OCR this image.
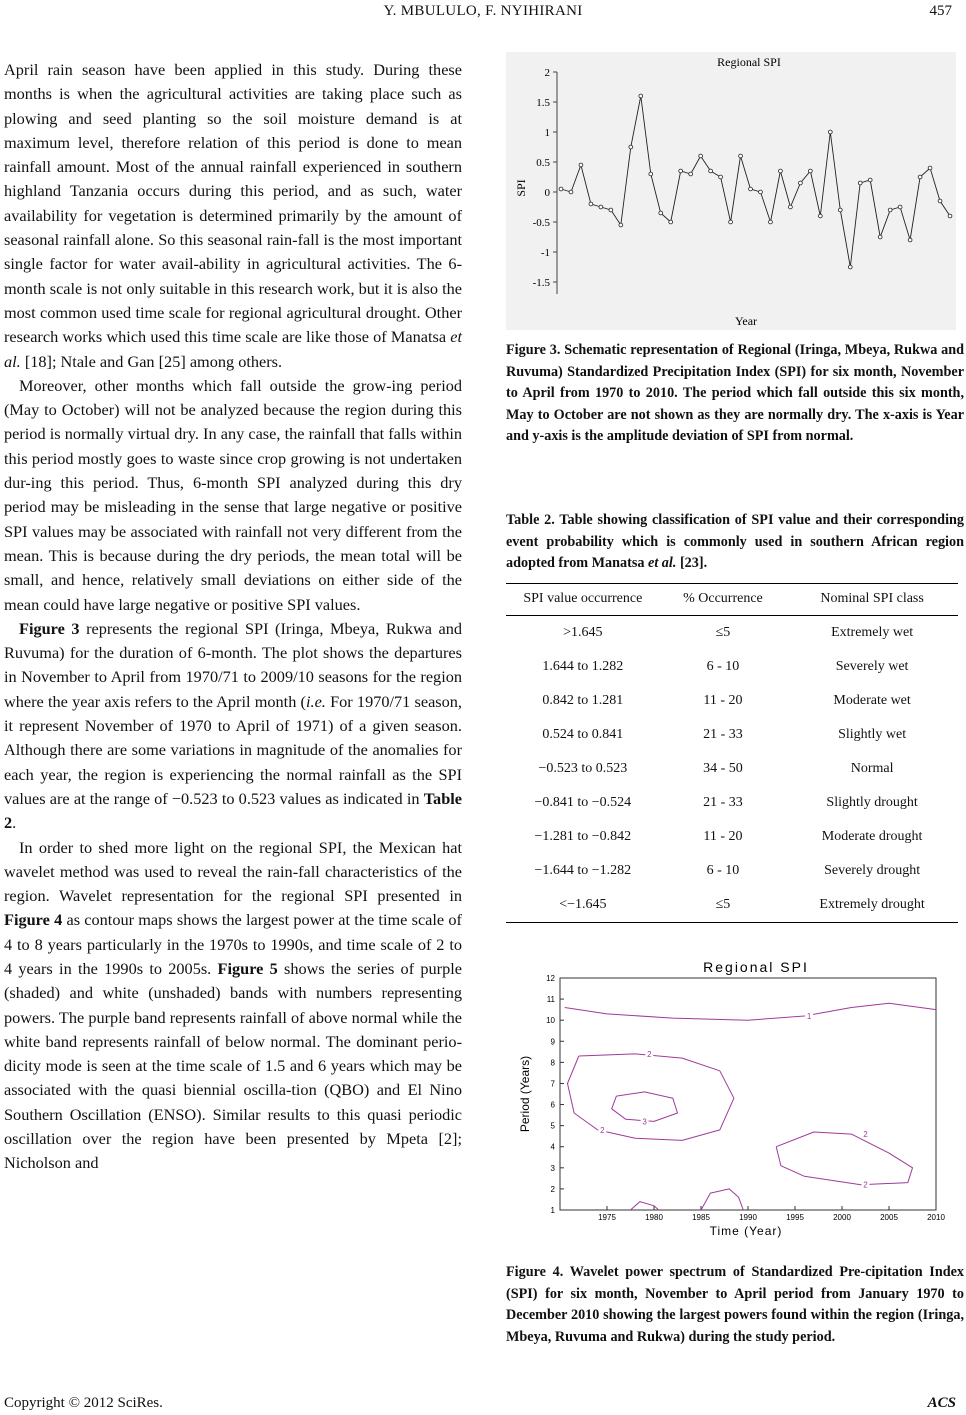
Y. MBULULO, F. NYIHIRANI	457

April rain season have been applied in this study. During these months is when the agricultural activities are taking place such as plowing and seed planting so the soil moisture demand is at maximum level, therefore relation of this period is done to mean rainfall amount. Most of the annual rainfall experienced in southern highland Tanzania occurs during this period, and as such, water availability for vegetation is determined primarily by the amount of seasonal rainfall alone. So this seasonal rain-fall is the most important single factor for water avail-ability in agricultural activities. The 6-month scale is not only suitable in this research work, but it is also the most common used time scale for regional agricultural drought. Other research works which used this time scale are like those of Manatsa et al. [18]; Ntale and Gan [25] among others.

Moreover, other months which fall outside the grow-ing period (May to October) will not be analyzed because the region during this period is normally virtual dry. In any case, the rainfall that falls within this period mostly goes to waste since crop growing is not undertaken dur-ing this period. Thus, 6-month SPI analyzed during this dry period may be misleading in the sense that large negative or positive SPI values may be associated with rainfall not very different from the mean. This is because during the dry periods, the mean total will be small, and hence, relatively small deviations on either side of the mean could have large negative or positive SPI values.

Figure 3 represents the regional SPI (Iringa, Mbeya, Rukwa and Ruvuma) for the duration of 6-month. The plot shows the departures in November to April from 1970/71 to 2009/10 seasons for the region where the year axis refers to the April month (i.e. For 1970/71 season, it represent November of 1970 to April of 1971) of a given season. Although there are some variations in magnitude of the anomalies for each year, the region is experiencing the normal rainfall as the SPI values are at the range of −0.523 to 0.523 values as indicated in Table 2.

In order to shed more light on the regional SPI, the Mexican hat wavelet method was used to reveal the rain-fall characteristics of the region. Wavelet representation for the regional SPI presented in Figure 4 as contour maps shows the largest power at the time scale of 4 to 8 years particularly in the 1970s to 1990s, and time scale of 2 to 4 years in the 1990s to 2005s. Figure 5 shows the series of purple (shaded) and white (unshaded) bands with numbers representing powers. The purple band represents rainfall of above normal while the white band represents rainfall of below normal. The dominant perio-dicity mode is seen at the time scale of 1.5 and 6 years which may be associated with the quasi biennial oscilla-tion (QBO) and El Nino Southern Oscillation (ENSO). Similar results to this quasi periodic oscillation over the region have been presented by Mpeta [2]; Nicholson and

Regional SPI
2
1.5
1
0.5
0
-0.5
-1
-1.5
SPI
Year

Figure 3. Schematic representation of Regional (Iringa, Mbeya, Rukwa and Ruvuma) Standardized Precipitation Index (SPI) for six month, November to April from 1970 to 2010. The period which fall outside this six month, May to October are not shown as they are normally dry. The x-axis is Year and y-axis is the amplitude deviation of SPI from normal.

Table 2. Table showing classification of SPI value and their corresponding event probability which is commonly used in southern African region adopted from Manatsa et al. [23].

SPI value occurrence	% Occurrence	Nominal SPI class
>1.645	≤5	Extremely wet
1.644 to 1.282	6 - 10	Severely wet
0.842 to 1.281	11 - 20	Moderate wet
0.524 to 0.841	21 - 33	Slightly wet
−0.523 to 0.523	34 - 50	Normal
−0.841 to −0.524	21 - 33	Slightly drought
−1.281 to −0.842	11 - 20	Moderate drought
−1.644 to −1.282	6 - 10	Severely drought
<−1.645	≤5	Extremely drought
Regional SPI
1
2
3
4
5
6
7
8
9
10
11
12
1975	1980	1985	1990	1995	2000	2005	2010
1
2
3
2	2
2
Period (Years)
Time (Year)

Figure 4. Wavelet power spectrum of Standardized Pre-cipitation Index (SPI) for six month, November to April period from January 1970 to December 2010 showing the largest powers found within the region (Iringa, Mbeya, Ruvuma and Rukwa) during the study period.

Copyright © 2012 SciRes.	ACS
